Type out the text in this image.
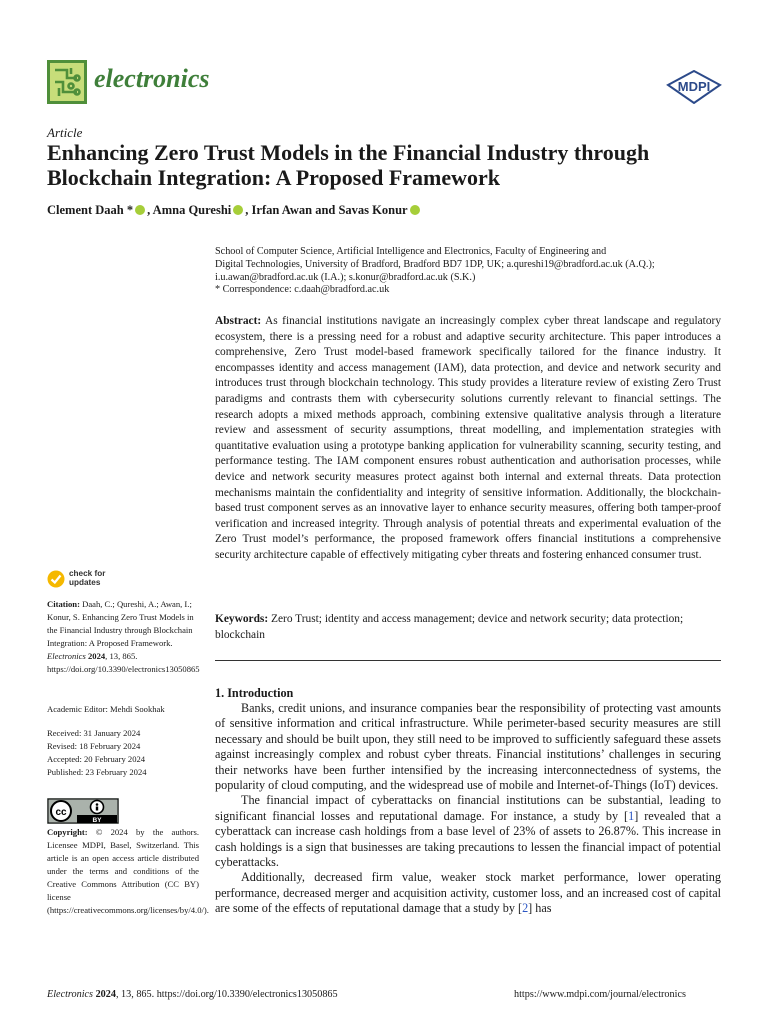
electronics	MDPI
Article
Enhancing Zero Trust Models in the Financial Industry through Blockchain Integration: A Proposed Framework
Clement Daah * , Amna Qureshi , Irfan Awan and Savas Konur
School of Computer Science, Artificial Intelligence and Electronics, Faculty of Engineering and
Digital Technologies, University of Bradford, Bradford BD7 1DP, UK; a.qureshi19@bradford.ac.uk (A.Q.);
i.u.awan@bradford.ac.uk (I.A.); s.konur@bradford.ac.uk (S.K.)
* Correspondence: c.daah@bradford.ac.uk
Abstract: As financial institutions navigate an increasingly complex cyber threat landscape and regulatory ecosystem, there is a pressing need for a robust and adaptive security architecture. This paper introduces a comprehensive, Zero Trust model-based framework specifically tailored for the finance industry. It encompasses identity and access management (IAM), data protection, and device and network security and introduces trust through blockchain technology. This study provides a literature review of existing Zero Trust paradigms and contrasts them with cybersecurity solutions currently relevant to financial settings. The research adopts a mixed methods approach, combining extensive qualitative analysis through a literature review and assessment of security assumptions, threat modelling, and implementation strategies with quantitative evaluation using a prototype banking application for vulnerability scanning, security testing, and performance testing. The IAM component ensures robust authentication and authorisation processes, while device and network security measures protect against both internal and external threats. Data protection mechanisms maintain the confidentiality and integrity of sensitive information. Additionally, the blockchain-based trust component serves as an innovative layer to enhance security measures, offering both tamper-proof verification and increased integrity. Through analysis of potential threats and experimental evaluation of the Zero Trust model’s performance, the proposed framework offers financial institutions a comprehensive security architecture capable of effectively mitigating cyber threats and fostering enhanced consumer trust.
Keywords: Zero Trust; identity and access management; device and network security; data protection; blockchain
1. Introduction

Banks, credit unions, and insurance companies bear the responsibility of protecting vast amounts of sensitive information and critical infrastructure. While perimeter-based security measures are still necessary and should be built upon, they still need to be improved to sufficiently safeguard these assets against increasingly complex and robust cyber threats. Financial institutions’ challenges in securing their networks have been further intensified by the increasing interconnectedness of systems, the popularity of cloud computing, and the widespread use of mobile and Internet-of-Things (IoT) devices.

The financial impact of cyberattacks on financial institutions can be substantial, leading to significant financial losses and reputational damage. For instance, a study by [1] revealed that a cyberattack can increase cash holdings from a base level of 23% of assets to 26.87%. This increase in cash holdings is a sign that businesses are taking precautions to lessen the financial impact of potential cyberattacks.

Additionally, decreased firm value, weaker stock market performance, lower operating performance, decreased merger and acquisition activity, customer loss, and an increased cost of capital are some of the effects of reputational damage that a study by [2] has

check for
updates
Citation: Daah, C.; Qureshi, A.; Awan, I.; Konur, S. Enhancing Zero Trust Models in the Financial Industry through Blockchain Integration: A Proposed Framework. Electronics 2024, 13, 865. https://doi.org/10.3390/electronics13050865
Academic Editor: Mehdi Sookhak
Received: 31 January 2024
Revised: 18 February 2024
Accepted: 20 February 2024
Published: 23 February 2024
cc
BY
Copyright: © 2024 by the authors. Licensee MDPI, Basel, Switzerland. This article is an open access article distributed under the terms and conditions of the Creative Commons Attribution (CC BY) license (https://creativecommons.org/licenses/by/4.0/).
Electronics 2024, 13, 865. https://doi.org/10.3390/electronics13050865	https://www.mdpi.com/journal/electronics
